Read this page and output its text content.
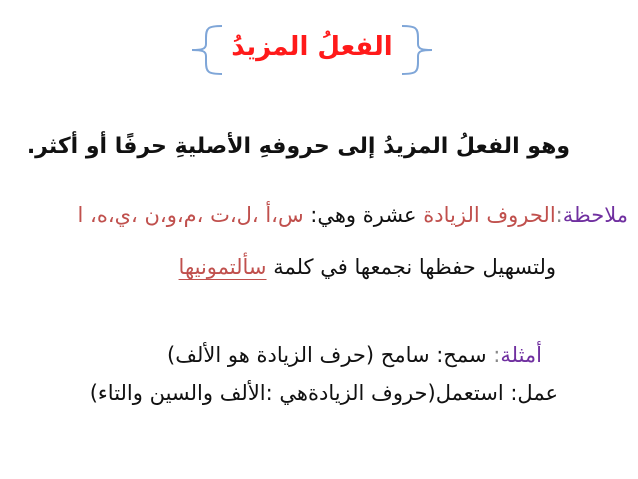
الفعلُ المزيدُ
وهو الفعلُ المزيدُ إلى حروفهِ الأصليةِ حرفًا أو أكثر.
ملاحظة:الحروف الزيادة عشرة وهي: س،أ ،ل،ت ،م،و،ن ،ي،ه، ا
ولتسهيل حفظها نجمعها في كلمة سألتمونيها
أمثلة: سمح: سامح (حرف الزيادة هو الألف)
عمل: استعمل(حروف الزيادةهي :الألف والسين والتاء)
